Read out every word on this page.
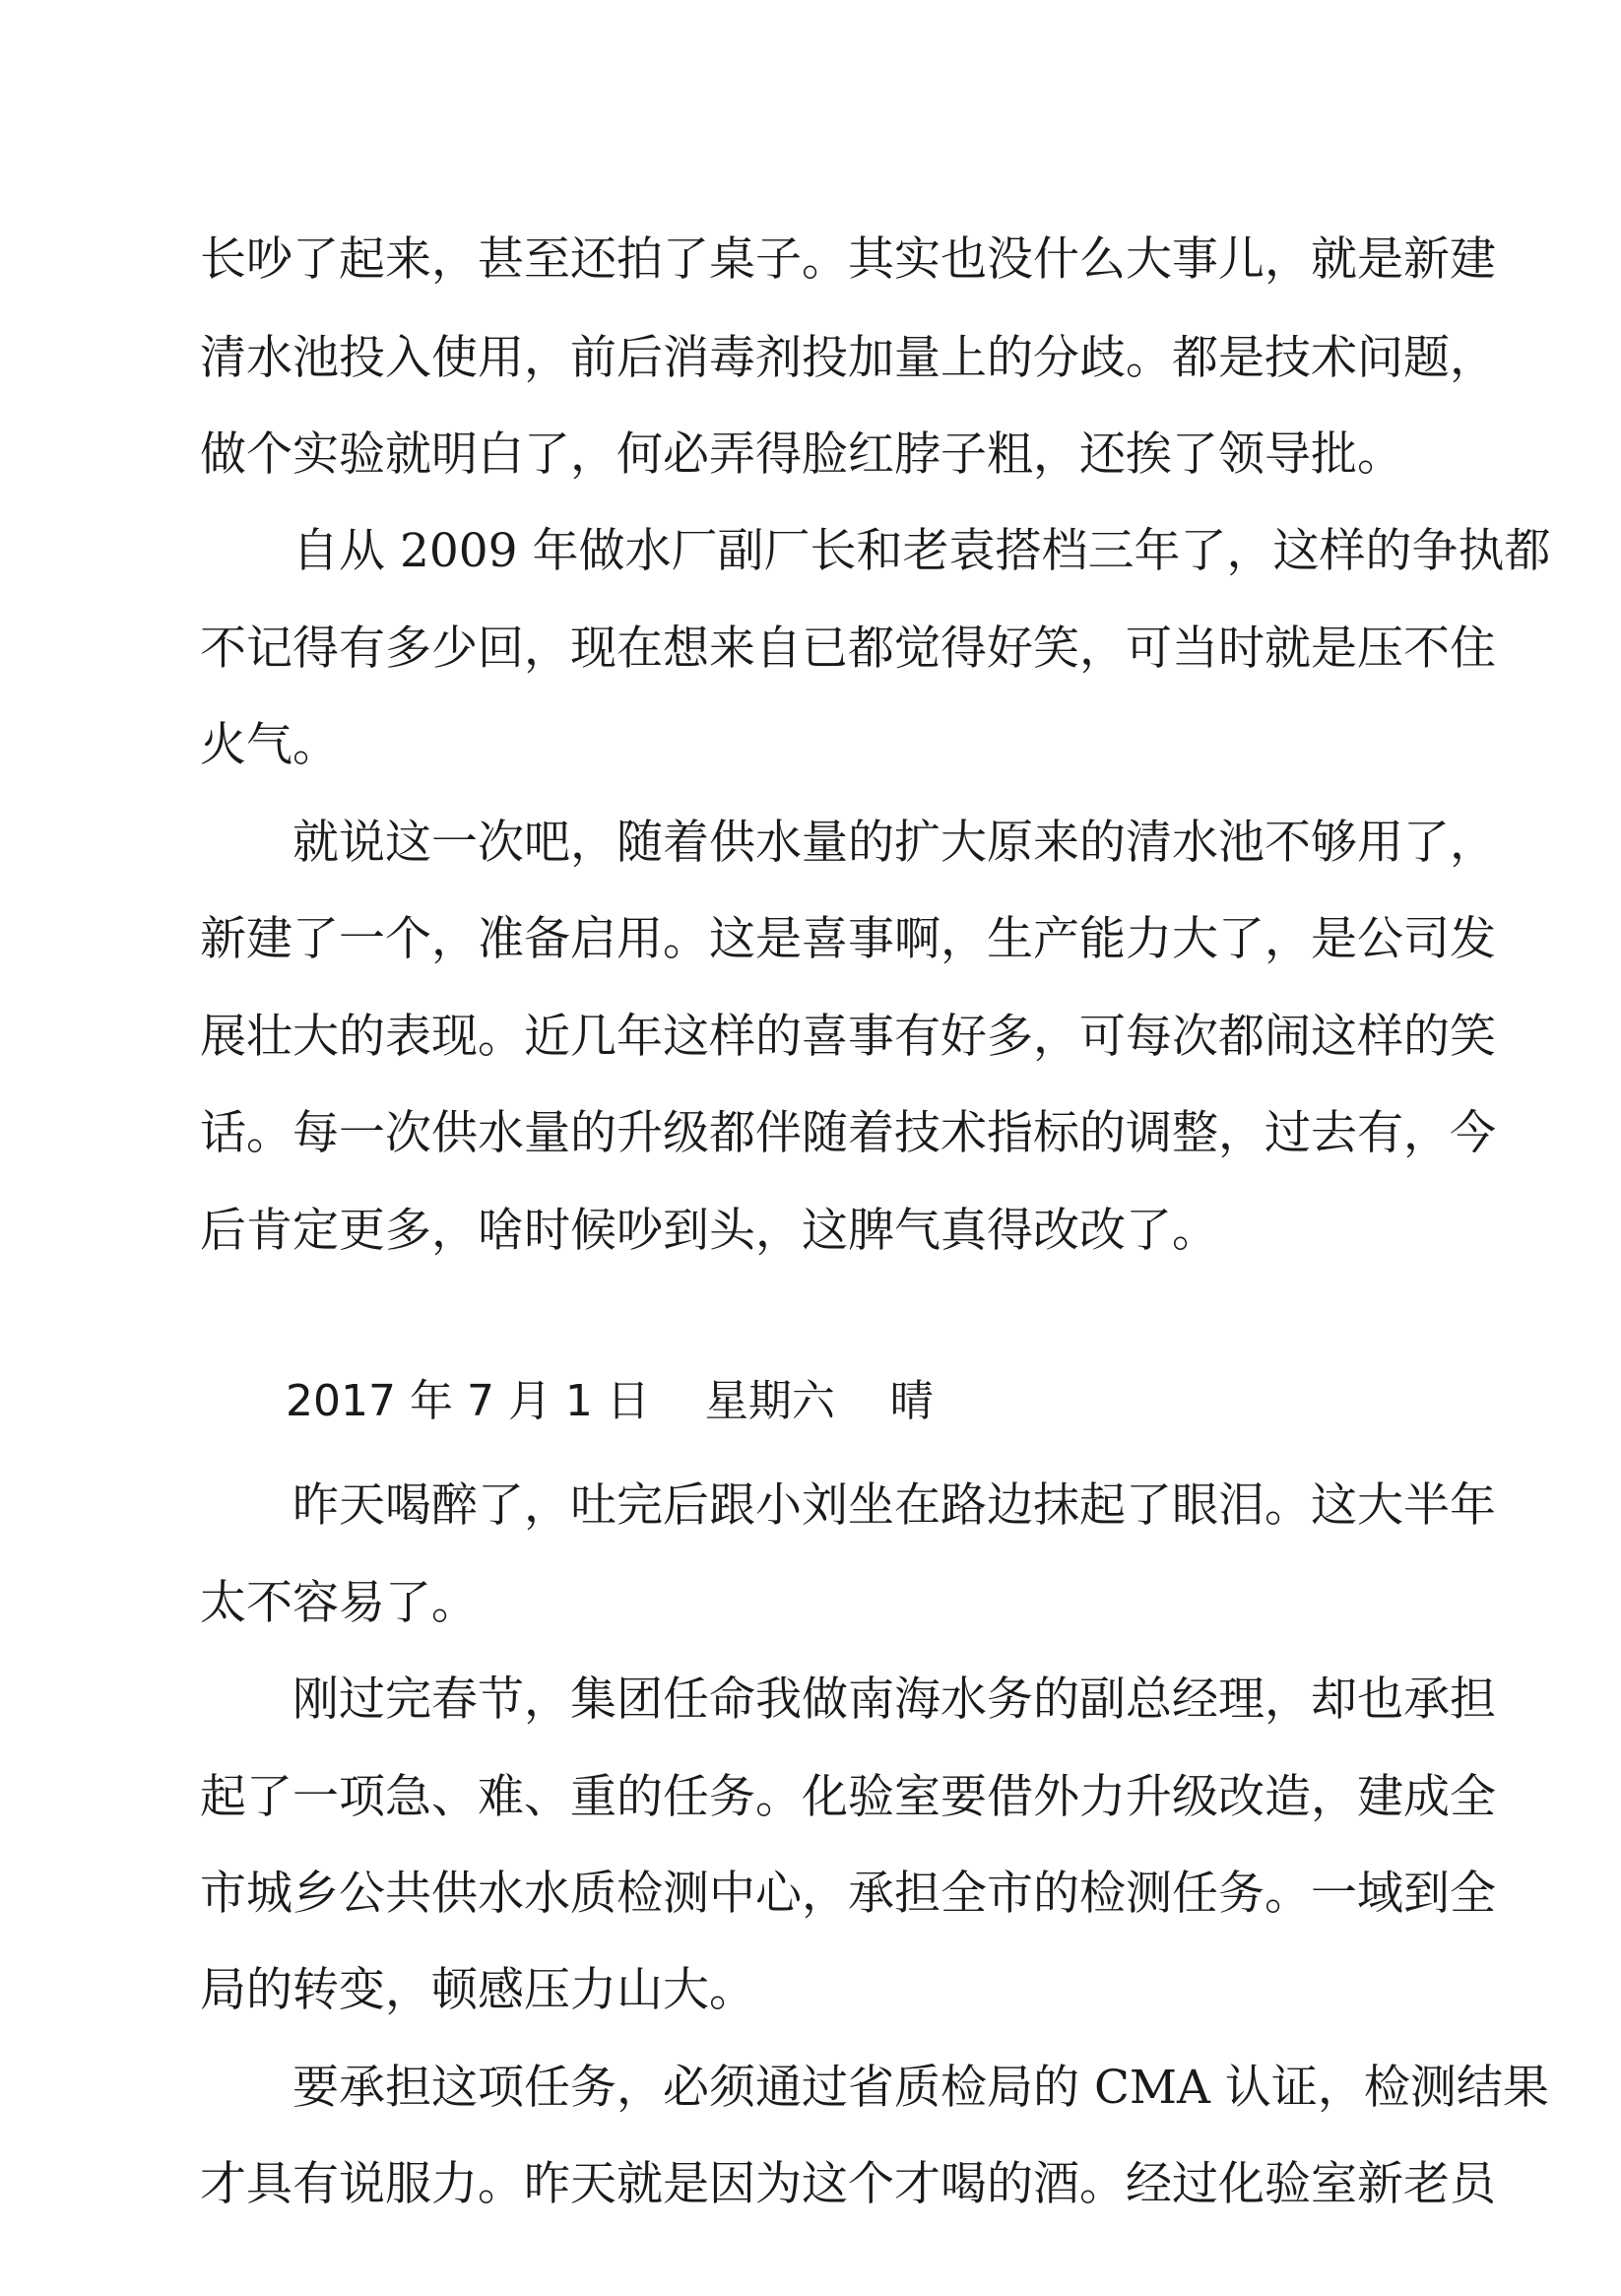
长吵了起来，甚至还拍了桌子。其实也没什么大事儿，就是新建
清水池投入使用，前后消毒剂投加量上的分歧。都是技术问题，
做个实验就明白了，何必弄得脸红脖子粗，还挨了领导批。
自从 2009 年做水厂副厂长和老袁搭档三年了，这样的争执都
不记得有多少回，现在想来自已都觉得好笑，可当时就是压不住
火气。
就说这一次吧，随着供水量的扩大原来的清水池不够用了，
新建了一个，准备启用。这是喜事啊，生产能力大了，是公司发
展壮大的表现。近几年这样的喜事有好多，可每次都闹这样的笑
话。每一次供水量的升级都伴随着技术指标的调整，过去有，今
后肯定更多，啥时候吵到头，这脾气真得改改了。
2017 年 7 月 1 日    星期六    晴
昨天喝醉了，吐完后跟小刘坐在路边抹起了眼泪。这大半年
太不容易了。
刚过完春节，集团任命我做南海水务的副总经理，却也承担
起了一项急、难、重的任务。化验室要借外力升级改造，建成全
市城乡公共供水水质检测中心，承担全市的检测任务。一域到全
局的转变，顿感压力山大。
要承担这项任务，必须通过省质检局的 CMA 认证，检测结果
才具有说服力。昨天就是因为这个才喝的酒。经过化验室新老员
